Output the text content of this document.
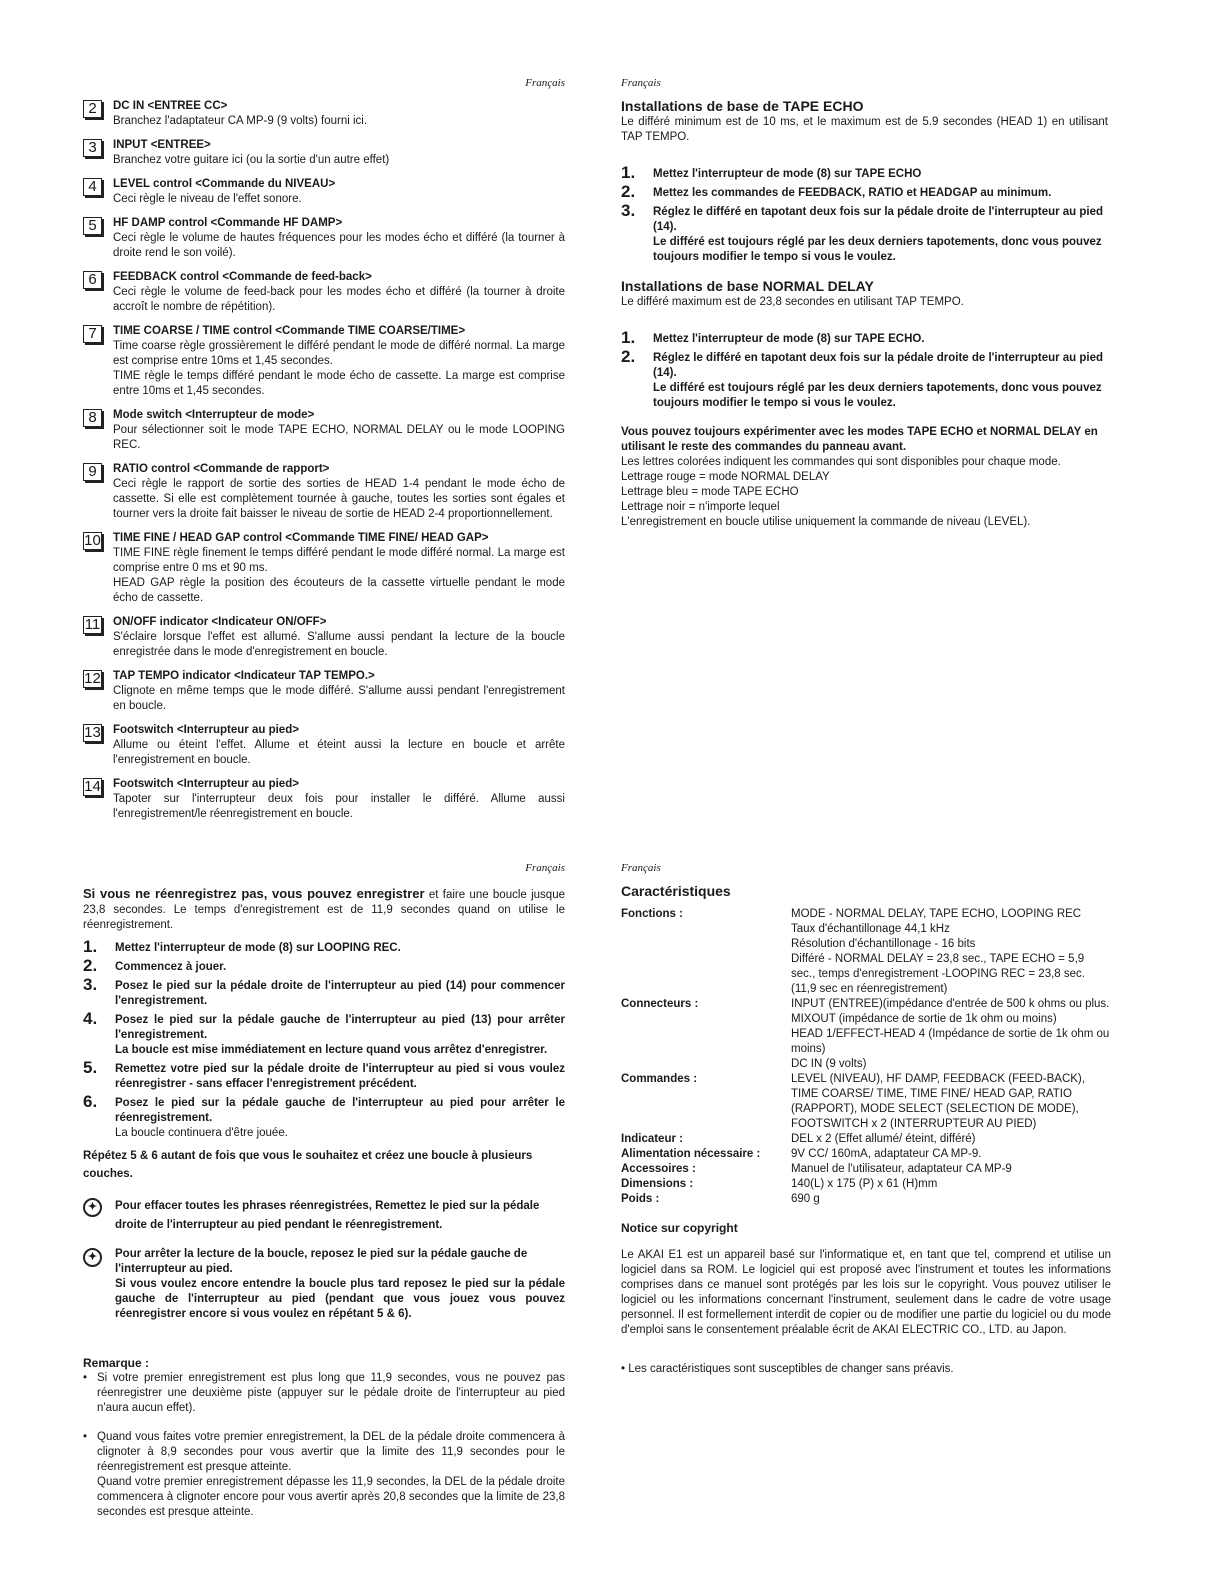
Français
2	DC IN <ENTREE CC>
Branchez l'adaptateur CA MP-9 (9 volts) fourni ici.
3	INPUT <ENTREE>
Branchez votre guitare ici (ou la sortie d'un autre effet)
4	LEVEL control <Commande du NIVEAU>
Ceci règle le niveau de l'effet sonore.
5	HF DAMP control <Commande HF DAMP>
Ceci règle le volume de hautes fréquences pour les modes écho et différé (la tourner à droite rend le son voilé).
6	FEEDBACK control <Commande de feed-back>
Ceci règle le volume de feed-back pour les modes écho et différé (la tourner à droite accroît le nombre de répétition).
7	TIME COARSE / TIME control <Commande TIME COARSE/TIME>
Time coarse règle grossièrement le différé pendant le mode de différé normal. La marge est comprise entre 10ms et 1,45 secondes.
TIME règle le temps différé pendant le mode écho de cassette. La marge est comprise entre 10ms et 1,45 secondes.
8	Mode switch <Interrupteur de mode>
Pour sélectionner soit le mode TAPE ECHO, NORMAL DELAY ou le mode LOOPING REC.
9	RATIO control <Commande de rapport>
Ceci règle le rapport de sortie des sorties de HEAD 1-4 pendant le mode écho de cassette. Si elle est complètement tournée à gauche, toutes les sorties sont égales et tourner vers la droite fait baisser le niveau de sortie de HEAD 2-4 proportionnellement.
10 TIME FINE / HEAD GAP control <Commande TIME FINE/ HEAD GAP>
TIME FINE règle finement le temps différé pendant le mode différé normal. La marge est comprise entre 0 ms et 90 ms.
HEAD GAP règle la position des écouteurs de la cassette virtuelle pendant le mode écho de cassette.
11 ON/OFF indicator <Indicateur ON/OFF>
S'éclaire lorsque l'effet est allumé. S'allume aussi pendant la lecture de la boucle enregistrée dans le mode d'enregistrement en boucle.
12 TAP TEMPO indicator <Indicateur TAP TEMPO.>
Clignote en même temps que le mode différé. S'allume aussi pendant l'enregistrement en boucle.
13 Footswitch <Interrupteur au pied>
Allume ou éteint l'effet. Allume et éteint aussi la lecture en boucle et arrête l'enregistrement en boucle.
14 Footswitch <Interrupteur au pied>
Tapoter sur l'interrupteur deux fois pour installer le différé. Allume aussi l'enregistrement/le réenregistrement en boucle.
Français
Installations de base de TAPE ECHO
Le différé minimum est de 10 ms, et le maximum est de 5.9 secondes (HEAD 1) en utilisant TAP TEMPO.
1. Mettez l'interrupteur de mode (8) sur TAPE ECHO
2. Mettez les commandes de FEEDBACK, RATIO et HEADGAP au minimum.
3. Réglez le différé en tapotant deux fois sur la pédale droite de l'interrupteur au pied (14).
Le différé est toujours réglé par les deux derniers tapotements, donc vous pouvez toujours modifier le tempo si vous le voulez.
Installations de base NORMAL DELAY
Le différé maximum est de 23,8 secondes en utilisant TAP TEMPO.
1. Mettez l'interrupteur de mode (8) sur TAPE ECHO.
2. Réglez le différé en tapotant deux fois sur la pédale droite de l'interrupteur au pied (14).
Le différé est toujours réglé par les deux derniers tapotements, donc vous pouvez toujours modifier le tempo si vous le voulez.
Vous pouvez toujours expérimenter avec les modes TAPE ECHO et NORMAL DELAY en utilisant le reste des commandes du panneau avant.
Les lettres colorées indiquent les commandes qui sont disponibles pour chaque mode.
Lettrage rouge = mode NORMAL DELAY
Lettrage bleu = mode TAPE ECHO
Lettrage noir = n'importe lequel
L'enregistrement en boucle utilise uniquement la commande de niveau (LEVEL).
Français
Si vous ne réenregistrez pas, vous pouvez enregistrer et faire une boucle jusque 23,8 secondes. Le temps d'enregistrement est de 11,9 secondes quand on utilise le réenregistrement.
1. Mettez l'interrupteur de mode (8) sur LOOPING REC.
2. Commencez à jouer.
3. Posez le pied sur la pédale droite de l'interrupteur au pied (14) pour commencer l'enregistrement.
4. Posez le pied sur la pédale gauche de l'interrupteur au pied (13) pour arrêter l'enregistrement.
La boucle est mise immédiatement en lecture quand vous arrêtez d'enregistrer.
5. Remettez votre pied sur la pédale droite de l'interrupteur au pied si vous voulez réenregistrer - sans effacer l'enregistrement précédent.
6. Posez le pied sur la pédale gauche de l'interrupteur au pied pour arrêter le réenregistrement.
La boucle continuera d'être jouée.
Répétez 5 & 6 autant de fois que vous le souhaitez et créez une boucle à plusieurs couches.
✦	Pour effacer toutes les phrases réenregistrées, Remettez le pied sur la pédale droite de l'interrupteur au pied pendant le réenregistrement.
✦	Pour arrêter la lecture de la boucle, reposez le pied sur la pédale gauche de l'interrupteur au pied.
Si vous voulez encore entendre la boucle plus tard reposez le pied sur la pédale gauche de l'interrupteur au pied (pendant que vous jouez vous pouvez réenregistrer encore si vous voulez en répétant 5 & 6).
Remarque :
• Si votre premier enregistrement est plus long que 11,9 secondes, vous ne pouvez pas réenregistrer une deuxième piste (appuyer sur le pédale droite de l'interrupteur au pied n'aura aucun effet).
• Quand vous faites votre premier enregistrement, la DEL de la pédale droite commencera à clignoter à 8,9 secondes pour vous avertir que la limite des 11,9 secondes pour le réenregistrement est presque atteinte.
Quand votre premier enregistrement dépasse les 11,9 secondes, la DEL de la pédale droite commencera à clignoter encore pour vous avertir après 20,8 secondes que la limite de 23,8 secondes est presque atteinte.
Français
Caractéristiques
Fonctions :	MODE - NORMAL DELAY, TAPE ECHO, LOOPING REC
Taux d'échantillonage 44,1 kHz
Résolution d'échantillonage - 16 bits
Différé - NORMAL DELAY = 23,8 sec., TAPE ECHO = 5,9 sec., temps d'enregistrement -LOOPING REC = 23,8 sec. (11,9 sec en réenregistrement)
Connecteurs :	INPUT (ENTREE)(impédance d'entrée de 500 k ohms ou plus.
MIXOUT (impédance de sortie de 1k ohm ou moins)
HEAD 1/EFFECT-HEAD 4 (Impédance de sortie de 1k ohm ou moins)
DC IN (9 volts)
Commandes :	LEVEL (NIVEAU), HF DAMP, FEEDBACK (FEED-BACK), TIME COARSE/ TIME, TIME FINE/ HEAD GAP, RATIO (RAPPORT), MODE SELECT (SELECTION DE MODE), FOOTSWITCH x 2 (INTERRUPTEUR AU PIED)
Indicateur :	DEL x 2 (Effet allumé/ éteint, différé)
Alimentation nécessaire :	9V CC/ 160mA, adaptateur CA MP-9.
Accessoires :	Manuel de l'utilisateur, adaptateur CA MP-9
Dimensions :	140(L) x 175 (P) x 61 (H)mm
Poids :	690 g
Notice sur copyright
Le AKAI E1 est un appareil basé sur l'informatique et, en tant que tel, comprend et utilise un logiciel dans sa ROM. Le logiciel qui est proposé avec l'instrument et toutes les informations comprises dans ce manuel sont protégés par les lois sur le copyright. Vous pouvez utiliser le logiciel ou les informations concernant l'instrument, seulement dans le cadre de votre usage personnel. Il est formellement interdit de copier ou de modifier une partie du logiciel ou du mode d'emploi sans le consentement préalable écrit de AKAI ELECTRIC CO., LTD. au Japon.
• Les caractéristiques sont susceptibles de changer sans préavis.
